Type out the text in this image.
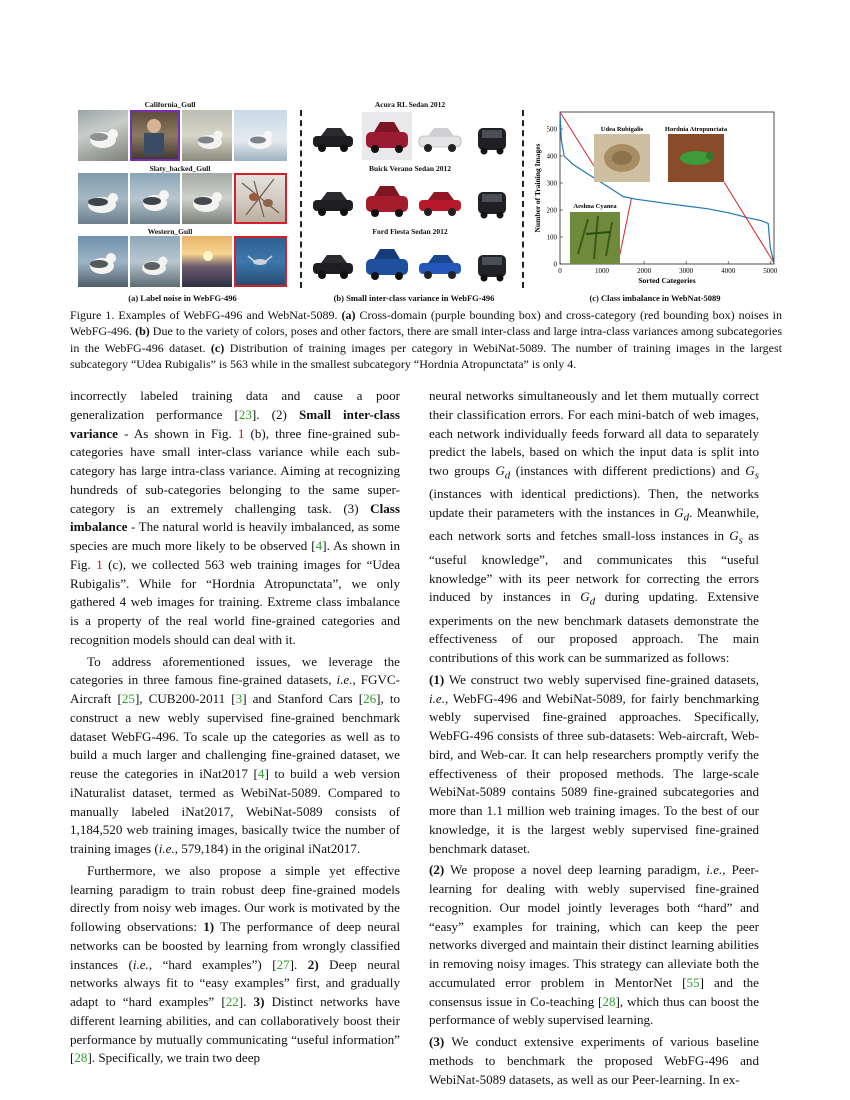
California_Gull
Slaty_backed_Gull
Western_Gull
(a) Label noise in WebFG-496
Acura RL Sedan 2012
Buick Verano Sedan 2012
Ford Fiesta Sedan 2012
(b) Small inter-class variance in WebFG-496
0	1000	2000	3000	4000	5000
0
100
200
300
400
500
Sorted Categories
Number of Training Images
Udea Rubigalis	Hordnia Atropunctata
Aeshna Cyanea
(c) Class imbalance in WebNat-5089
Figure 1. Examples of WebFG-496 and WebNat-5089. (a) Cross-domain (purple bounding box) and cross-category (red bounding box) noises in WebFG-496. (b) Due to the variety of colors, poses and other factors, there are small inter-class and large intra-class variances among subcategories in the WebFG-496 dataset. (c) Distribution of training images per category in WebiNat-5089. The number of training images in the largest subcategory “Udea Rubigalis” is 563 while in the smallest subcategory “Hordnia Atropunctata” is only 4.

incorrectly labeled training data and cause a poor generalization performance [23]. (2) Small inter-class variance - As shown in Fig. 1 (b), three fine-grained sub-categories have small inter-class variance while each sub-category has large intra-class variance. Aiming at recognizing hundreds of sub-categories belonging to the same super-category is an extremely challenging task. (3) Class imbalance - The natural world is heavily imbalanced, as some species are much more likely to be observed [4]. As shown in Fig. 1 (c), we collected 563 web training images for “Udea Rubigalis”. While for “Hordnia Atropunctata”, we only gathered 4 web images for training. Extreme class imbalance is a property of the real world fine-grained categories and recognition models should can deal with it.

To address aforementioned issues, we leverage the categories in three famous fine-grained datasets, i.e., FGVC-Aircraft [25], CUB200-2011 [3] and Stanford Cars [26], to construct a new webly supervised fine-grained benchmark dataset WebFG-496. To scale up the categories as well as to build a much larger and challenging fine-grained dataset, we reuse the categories in iNat2017 [4] to build a web version iNaturalist dataset, termed as WebiNat-5089. Compared to manually labeled iNat2017, WebiNat-5089 consists of 1,184,520 web training images, basically twice the number of training images (i.e., 579,184) in the original iNat2017.

Furthermore, we also propose a simple yet effective learning paradigm to train robust deep fine-grained models directly from noisy web images. Our work is motivated by the following observations: 1) The performance of deep neural networks can be boosted by learning from wrongly classified instances (i.e., “hard examples”) [27]. 2) Deep neural networks always fit to “easy examples” first, and gradually adapt to “hard examples” [22]. 3) Distinct networks have different learning abilities, and can collaboratively boost their performance by mutually communicating “useful information” [28]. Specifically, we train two deep

neural networks simultaneously and let them mutually correct their classification errors. For each mini-batch of web images, each network individually feeds forward all data to separately predict the labels, based on which the input data is split into two groups $G_d$ (instances with different predictions) and $G_s$ (instances with identical predictions). Then, the networks update their parameters with the instances in $G_d$. Meanwhile, each network sorts and fetches small-loss instances in $G_s$ as “useful knowledge”, and communicates this “useful knowledge” with its peer network for correcting the errors induced by instances in $G_d$ during updating. Extensive experiments on the new benchmark datasets demonstrate the effectiveness of our proposed approach. The main contributions of this work can be summarized as follows:

(1) We construct two webly supervised fine-grained datasets, i.e., WebFG-496 and WebiNat-5089, for fairly benchmarking webly supervised fine-grained approaches. Specifically, WebFG-496 consists of three sub-datasets: Web-aircraft, Web-bird, and Web-car. It can help researchers promptly verify the effectiveness of their proposed methods. The large-scale WebiNat-5089 contains 5089 fine-grained subcategories and more than 1.1 million web training images. To the best of our knowledge, it is the largest webly supervised fine-grained benchmark dataset.

(2) We propose a novel deep learning paradigm, i.e., Peer-learning for dealing with webly supervised fine-grained recognition. Our model jointly leverages both “hard” and “easy” examples for training, which can keep the peer networks diverged and maintain their distinct learning abilities in removing noisy images. This strategy can alleviate both the accumulated error problem in MentorNet [55] and the consensus issue in Co-teaching [28], which thus can boost the performance of webly supervised learning.

(3) We conduct extensive experiments of various baseline methods to benchmark the proposed WebFG-496 and WebiNat-5089 datasets, as well as our Peer-learning. In ex-
